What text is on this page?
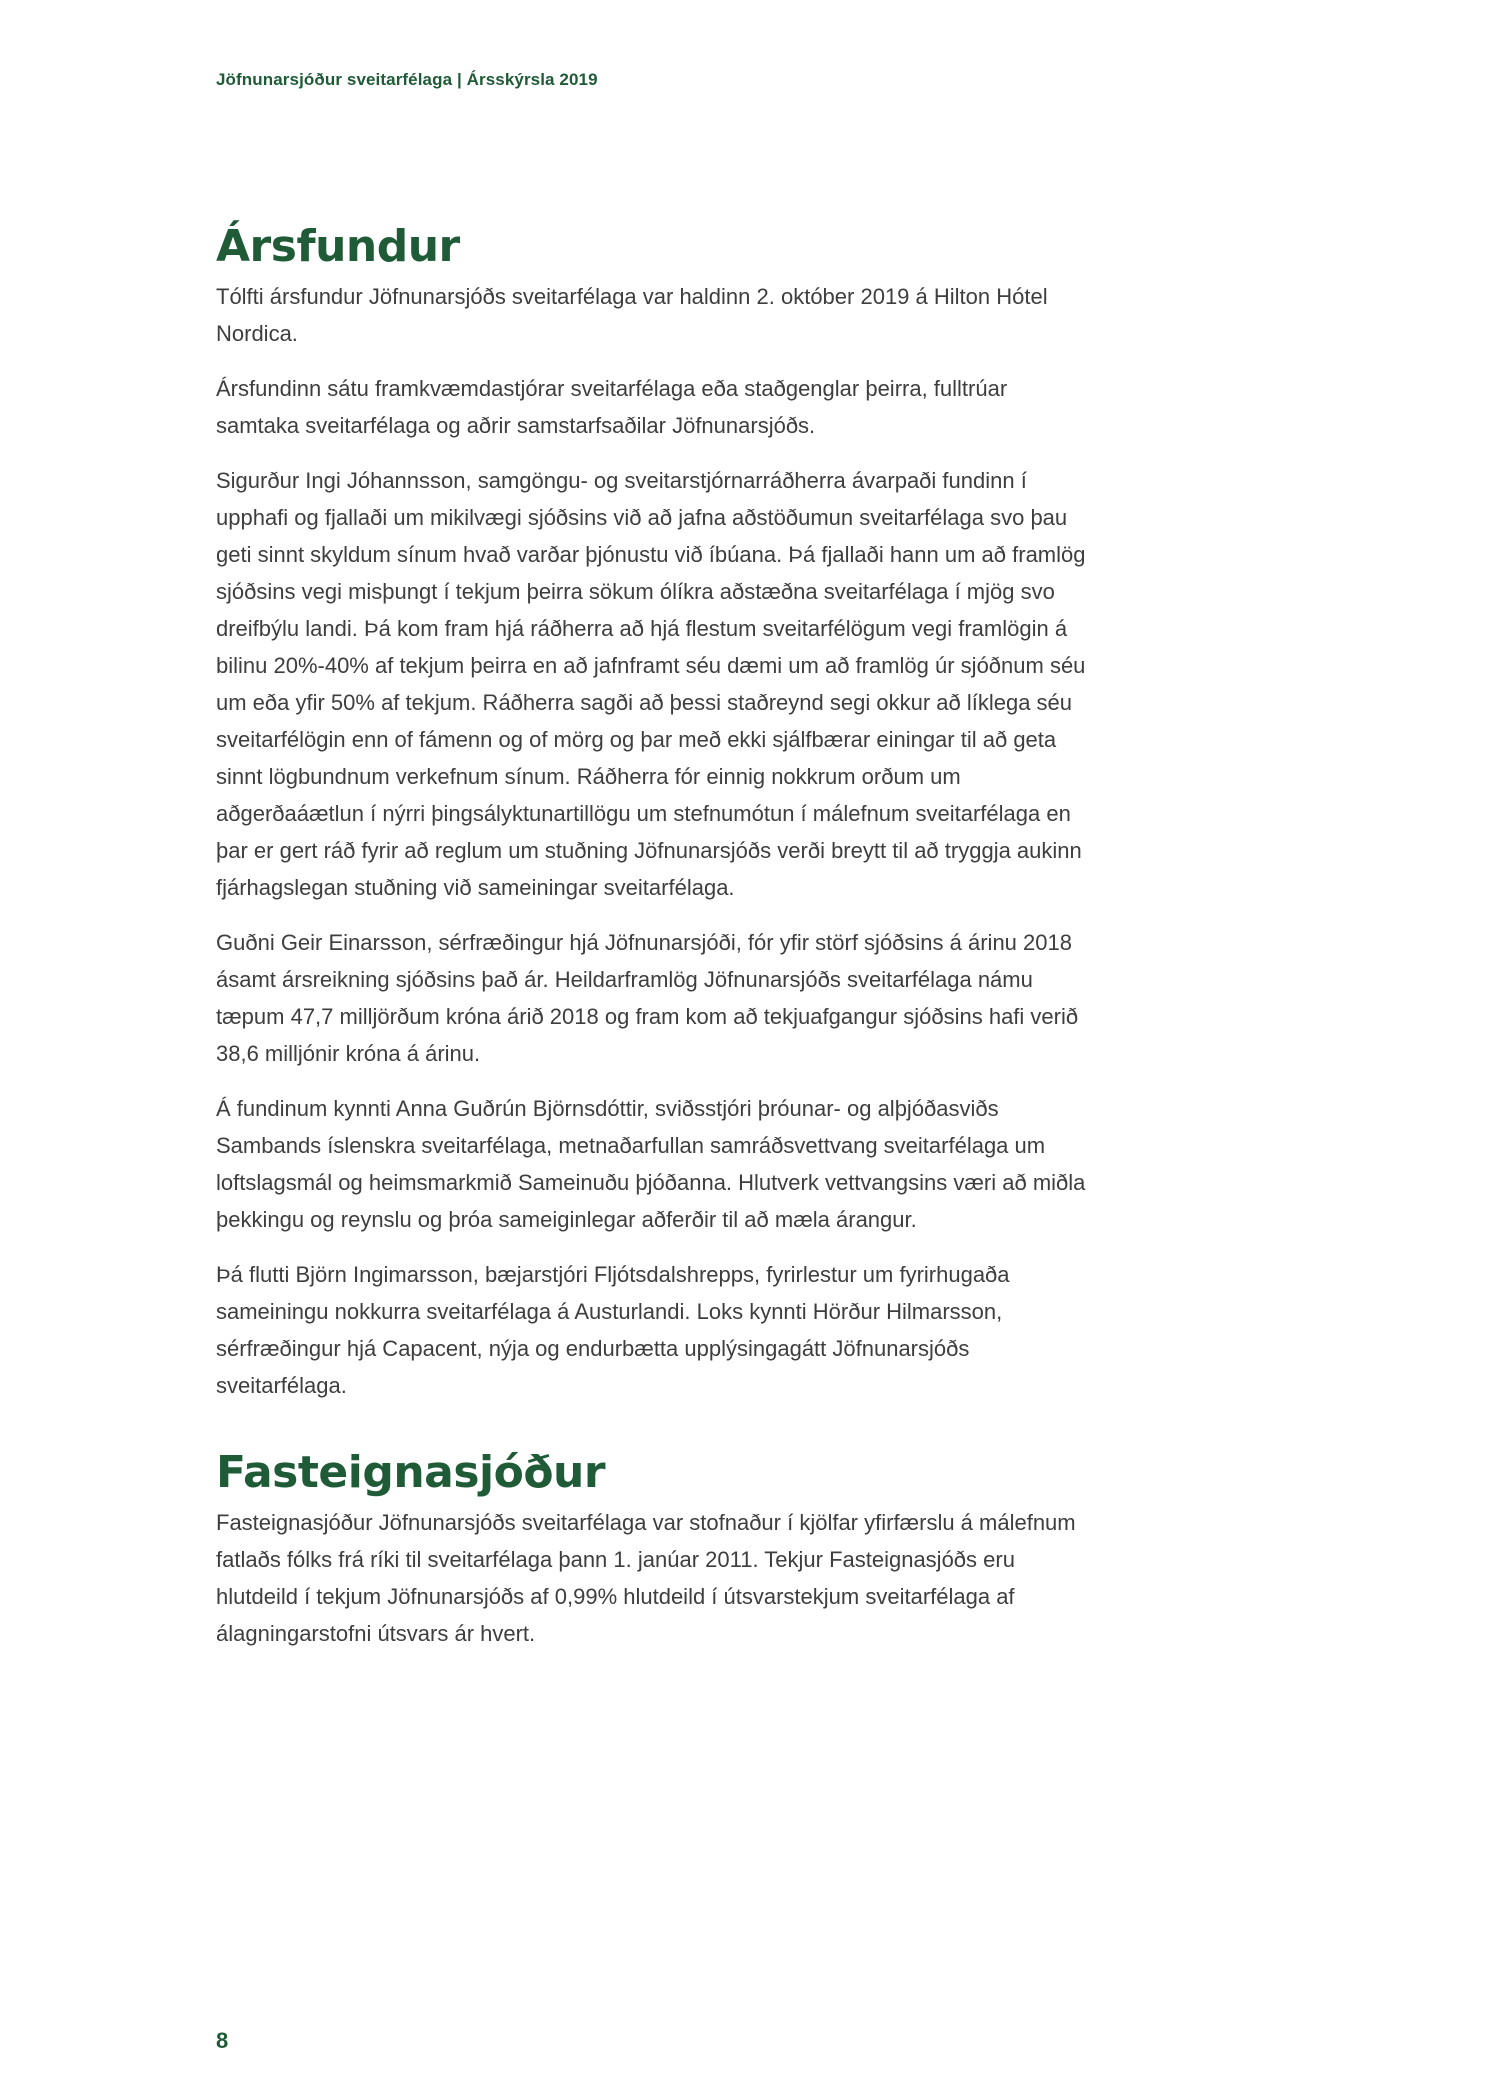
Jöfnunarsjóður sveitarfélaga | Ársskýrsla 2019
Ársfundur

Tólfti ársfundur Jöfnunarsjóðs sveitarfélaga var haldinn 2. október 2019 á Hilton Hótel Nordica.

Ársfundinn sátu framkvæmdastjórar sveitarfélaga eða staðgenglar þeirra, fulltrúar samtaka sveitarfélaga og aðrir samstarfsaðilar Jöfnunarsjóðs.

Sigurður Ingi Jóhannsson, samgöngu- og sveitarstjórnarráðherra ávarpaði fundinn í upphafi og fjallaði um mikilvægi sjóðsins við að jafna aðstöðumun sveitarfélaga svo þau geti sinnt skyldum sínum hvað varðar þjónustu við íbúana. Þá fjallaði hann um að framlög sjóðsins vegi misþungt í tekjum þeirra sökum ólíkra aðstæðna sveitarfélaga í mjög svo dreifbýlu landi. Þá kom fram hjá ráðherra að hjá flestum sveitarfélögum vegi framlögin á bilinu 20%-40% af tekjum þeirra en að jafnframt séu dæmi um að framlög úr sjóðnum séu um eða yfir 50% af tekjum. Ráðherra sagði að þessi staðreynd segi okkur að líklega séu sveitarfélögin enn of fámenn og of mörg og þar með ekki sjálfbærar einingar til að geta sinnt lögbundnum verkefnum sínum. Ráðherra fór einnig nokkrum orðum um aðgerðaáætlun í nýrri þingsályktunartillögu um stefnumótun í málefnum sveitarfélaga en þar er gert ráð fyrir að reglum um stuðning Jöfnunarsjóðs verði breytt til að tryggja aukinn fjárhagslegan stuðning við sameiningar sveitarfélaga.

Guðni Geir Einarsson, sérfræðingur hjá Jöfnunarsjóði, fór yfir störf sjóðsins á árinu 2018 ásamt ársreikning sjóðsins það ár. Heildarframlög Jöfnunarsjóðs sveitarfélaga námu tæpum 47,7 milljörðum króna árið 2018 og fram kom að tekjuafgangur sjóðsins hafi verið 38,6 milljónir króna á árinu.

Á fundinum kynnti Anna Guðrún Björnsdóttir, sviðsstjóri þróunar- og alþjóðasviðs Sambands íslenskra sveitarfélaga, metnaðarfullan samráðsvettvang sveitarfélaga um loftslagsmál og heimsmarkmið Sameinuðu þjóðanna. Hlutverk vettvangsins væri að miðla þekkingu og reynslu og þróa sameiginlegar aðferðir til að mæla árangur.

Þá flutti Björn Ingimarsson, bæjarstjóri Fljótsdalshrepps, fyrirlestur um fyrirhugaða sameiningu nokkurra sveitarfélaga á Austurlandi. Loks kynnti Hörður Hilmarsson, sérfræðingur hjá Capacent, nýja og endurbætta upplýsingagátt Jöfnunarsjóðs sveitarfélaga.

Fasteignasjóður

Fasteignasjóður Jöfnunarsjóðs sveitarfélaga var stofnaður í kjölfar yfirfærslu á málefnum fatlaðs fólks frá ríki til sveitarfélaga þann 1. janúar 2011. Tekjur Fasteignasjóðs eru hlutdeild í tekjum Jöfnunarsjóðs af 0,99% hlutdeild í útsvarstekjum sveitarfélaga af álagningarstofni útsvars ár hvert.

8
